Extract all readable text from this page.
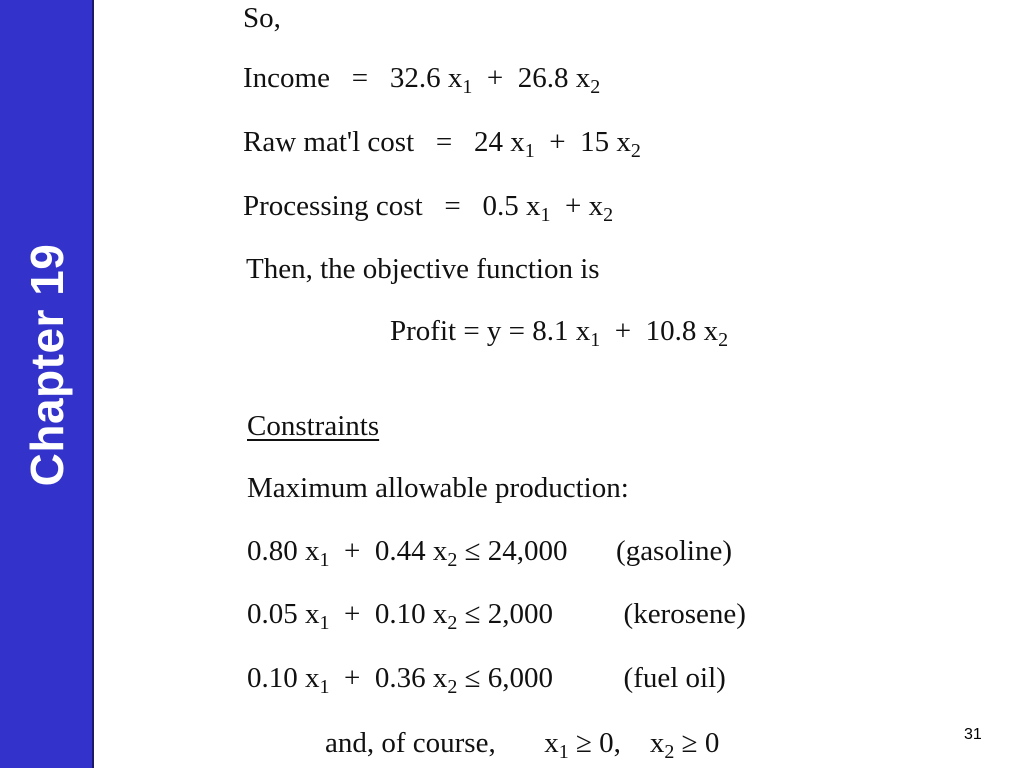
Chapter 19
So,
Income = 32.6 $x_1 + 26.8$ $x_2$
Raw mat'l cost = 24 $x_1 + 15$ $x_2$
Processing cost = 0.5 $x_1 + x_2$
Then, the objective function is
Profit = y = 8.1 $x_1 + 10.8$ $x_2$
Constraints
Maximum allowable production:
0.80 $x_1 + 0.44$ $x_2 \le 24,000$ (gasoline)
0.05 $x_1 + 0.10$ $x_2 \le 2,000$ (kerosene)
0.10 $x_1 + 0.36$ $x_2 \le 6,000$ (fuel oil)
and, of course, $x_1 \ge 0$, $x_2 \ge 0$	31
